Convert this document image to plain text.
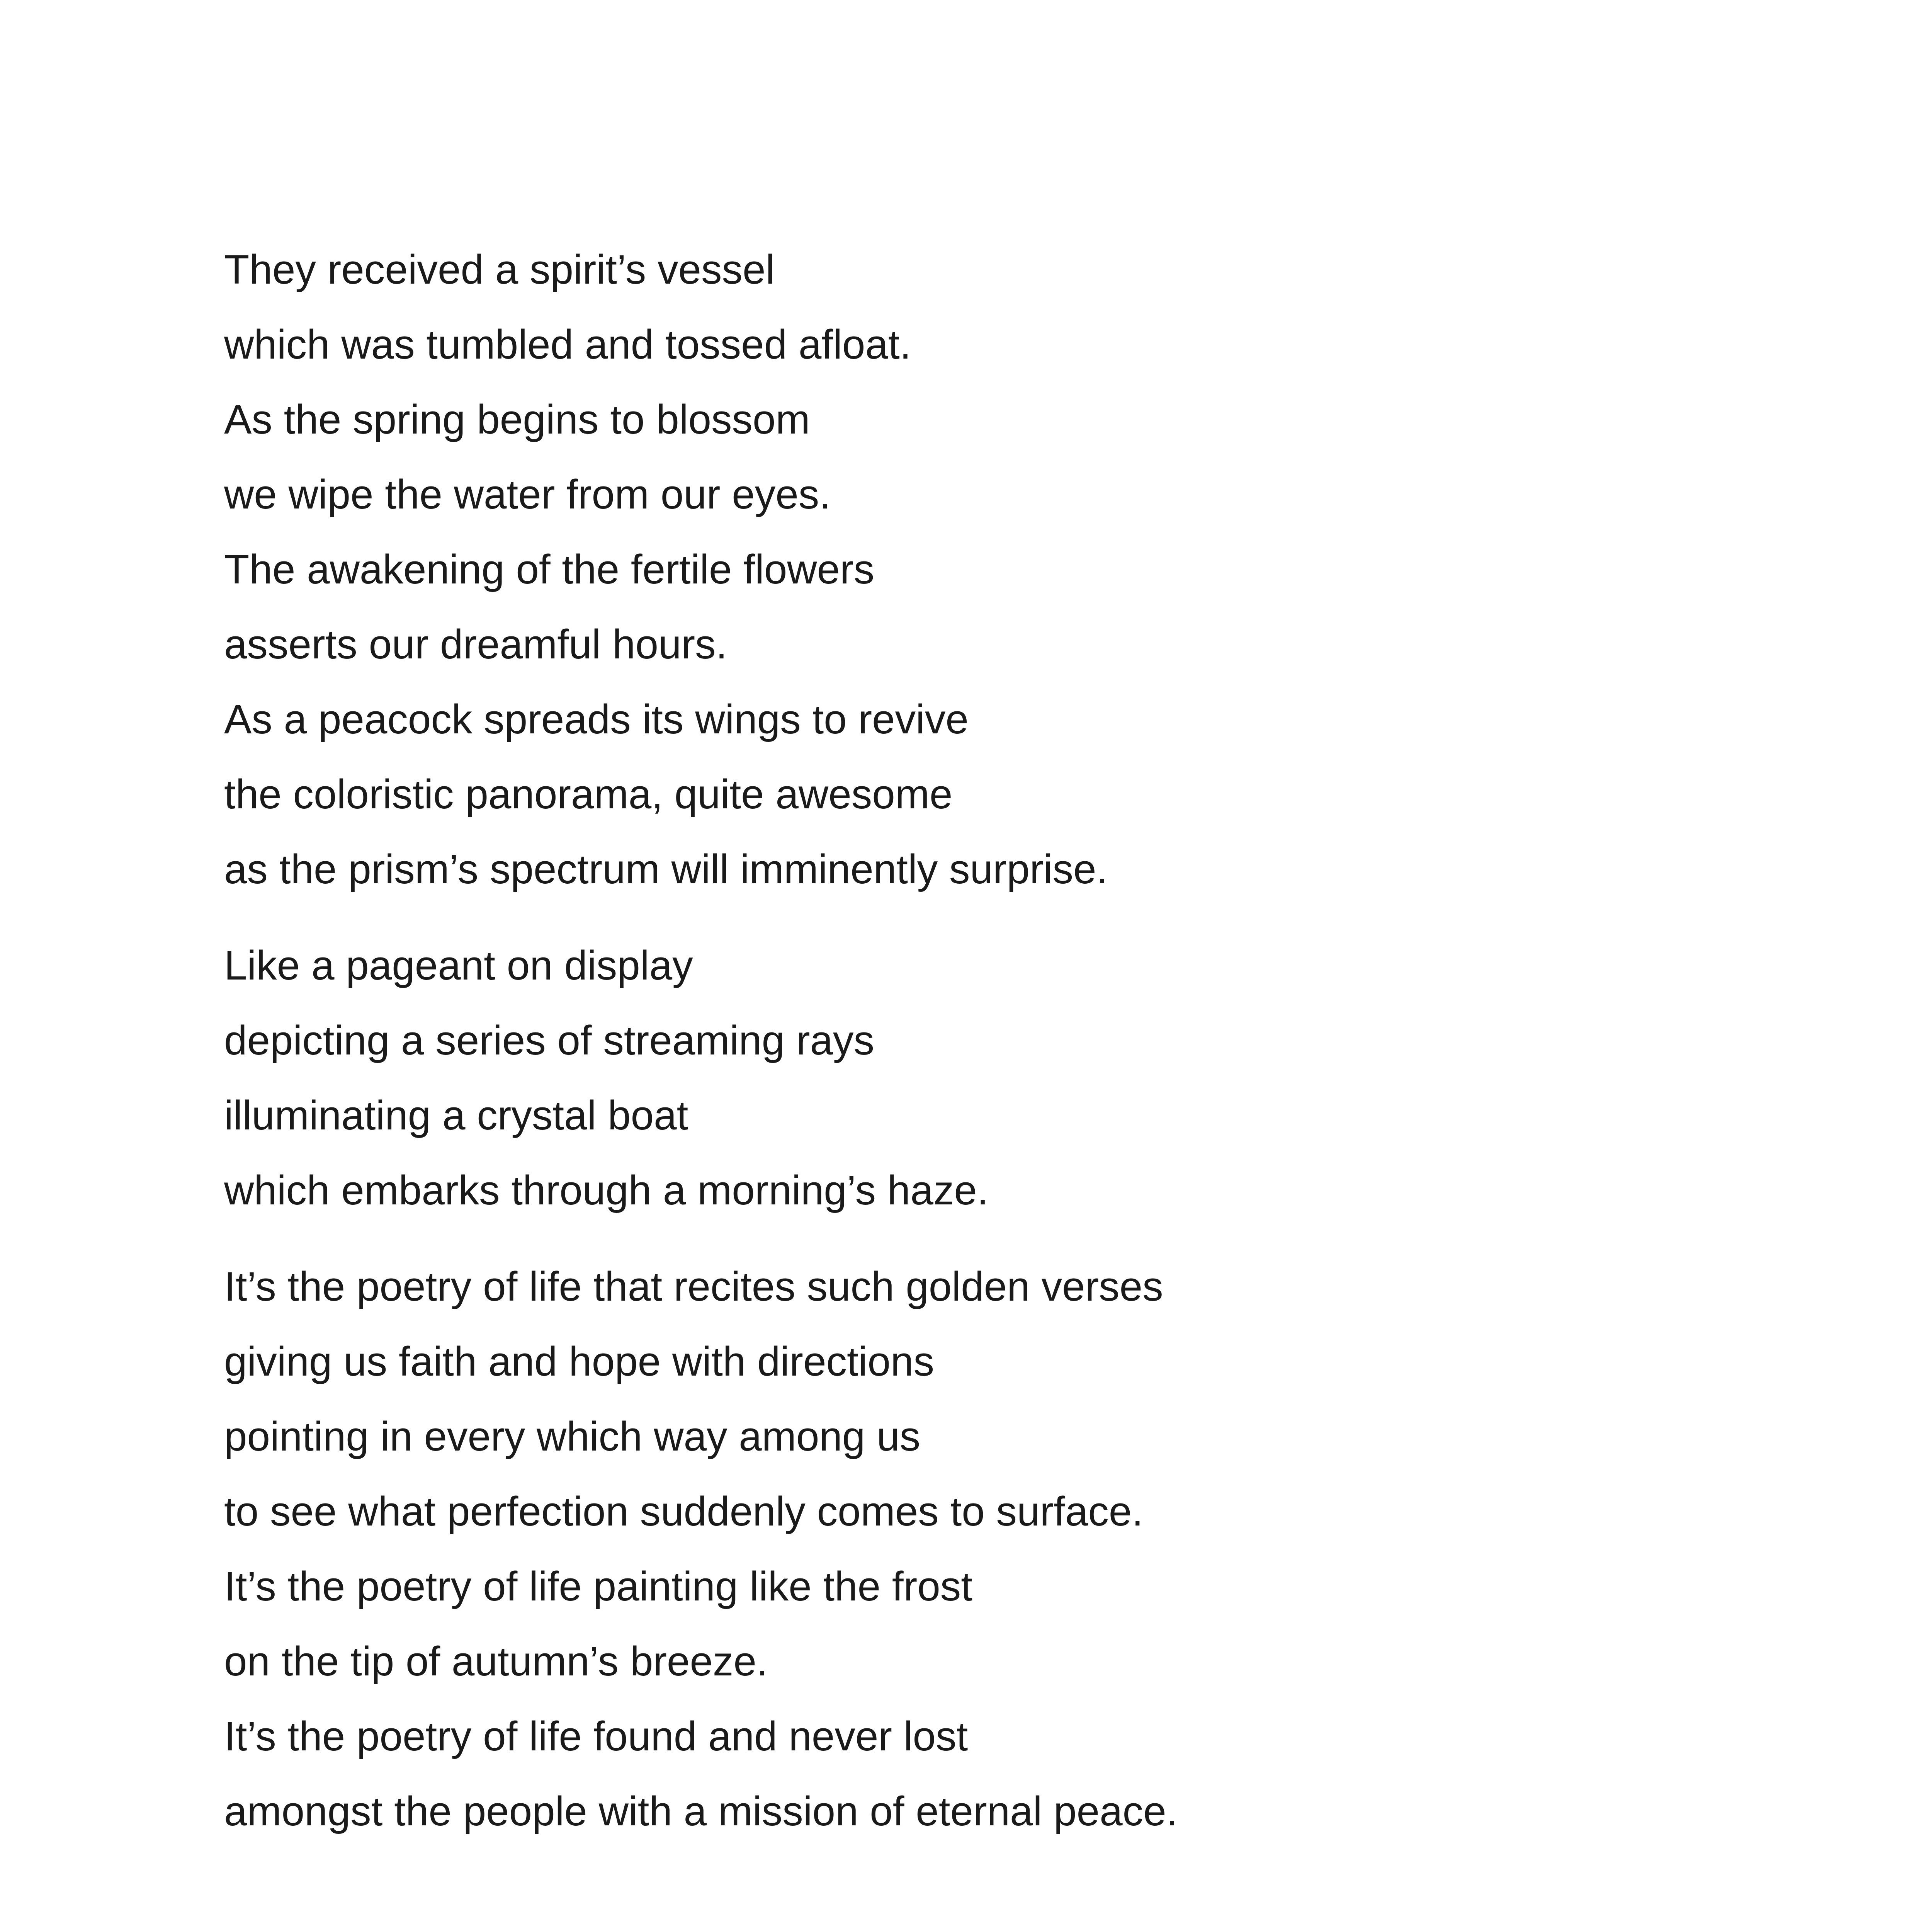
They received a spirit’s vessel
which was tumbled and tossed afloat.
As the spring begins to blossom
we wipe the water from our eyes.
The awakening of the fertile flowers
asserts our dreamful hours.
As a peacock spreads its wings to revive
the coloristic panorama, quite awesome
as the prism’s spectrum will imminently surprise.
Like a pageant on display
depicting a series of streaming rays
illuminating a crystal boat
which embarks through a morning’s haze.
It’s the poetry of life that recites such golden verses
giving us faith and hope with directions
pointing in every which way among us
to see what perfection suddenly comes to surface.
It’s the poetry of life painting like the frost
on the tip of autumn’s breeze.
It’s the poetry of life found and never lost
amongst the people with a mission of eternal peace.
